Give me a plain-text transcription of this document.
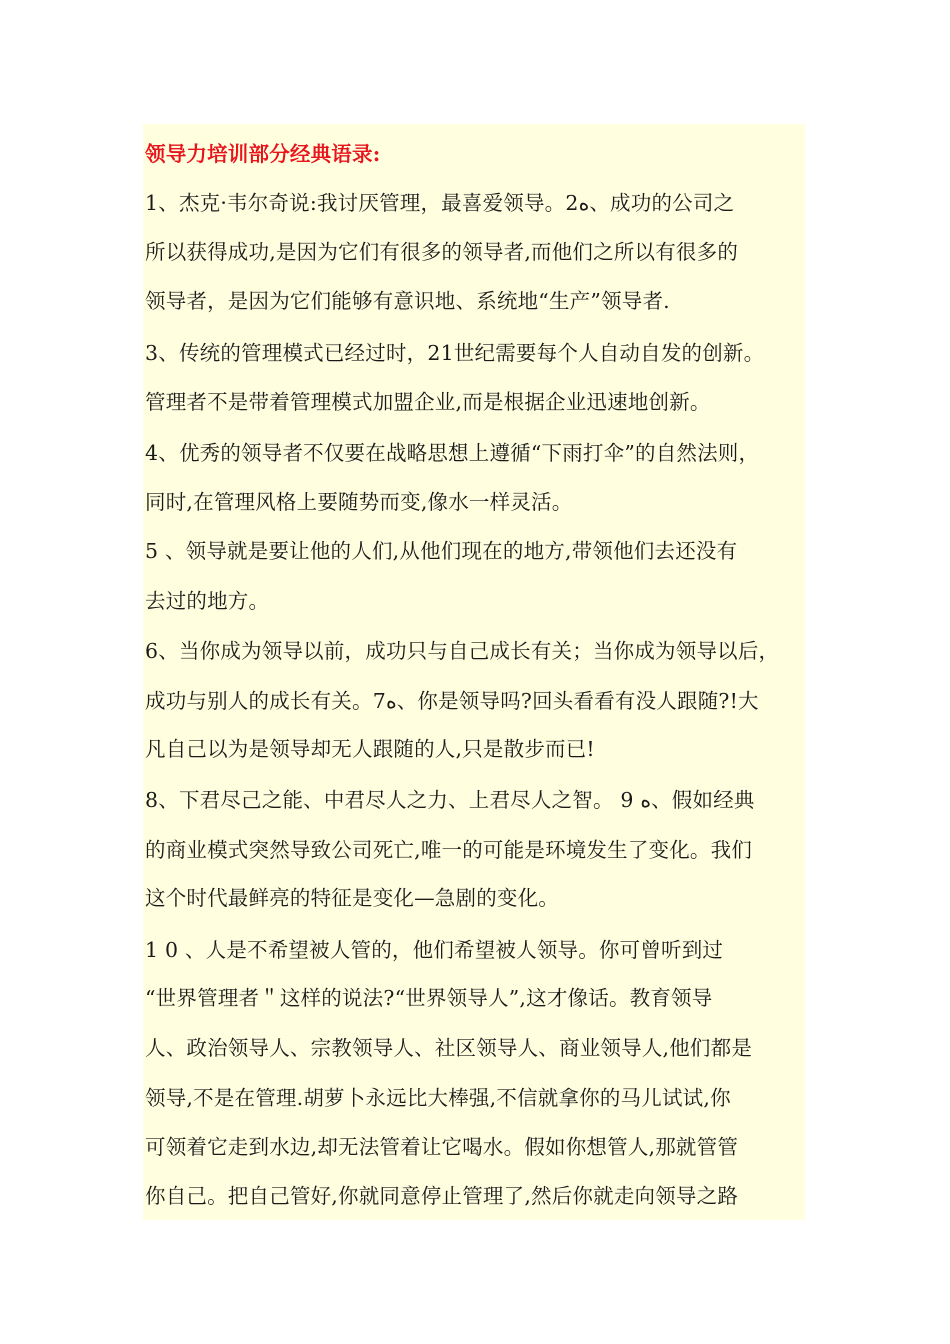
领导力培训部分经典语录:
1、杰克·韦尔奇说:我讨厌管理，最喜爱领导。2ﻩ、成功的公司之
所以获得成功,是因为它们有很多的领导者,而他们之所以有很多的
领导者，是因为它们能够有意识地、系统地“生产”领导者.
3、传统的管理模式已经过时，21世纪需要每个人自动自发的创新。
管理者不是带着管理模式加盟企业,而是根据企业迅速地创新。
4、优秀的领导者不仅要在战略思想上遵循“下雨打伞”的自然法则，
同时,在管理风格上要随势而变,像水一样灵活。
5 、领导就是要让他的人们,从他们现在的地方,带领他们去还没有
去过的地方。
6、当你成为领导以前，成功只与自己成长有关；当你成为领导以后，
成功与别人的成长有关。7ﻩ、你是领导吗?回头看看有没人跟随?!大
凡自己以为是领导却无人跟随的人,只是散步而已!
8、下君尽己之能、中君尽人之力、上君尽人之智。 9 ﻩ、假如经典
的商业模式突然导致公司死亡,唯一的可能是环境发生了变化。我们
这个时代最鲜亮的特征是变化—急剧的变化。
1 0 、人是不希望被人管的，他们希望被人领导。你可曾听到过
“世界管理者＂这样的说法?“世界领导人”,这才像话。教育领导
人、政治领导人、宗教领导人、社区领导人、商业领导人,他们都是
领导,不是在管理.胡萝卜永远比大棒强,不信就拿你的马儿试试,你
可领着它走到水边,却无法管着让它喝水。假如你想管人,那就管管
你自己。把自己管好,你就同意停止管理了,然后你就走向领导之路
